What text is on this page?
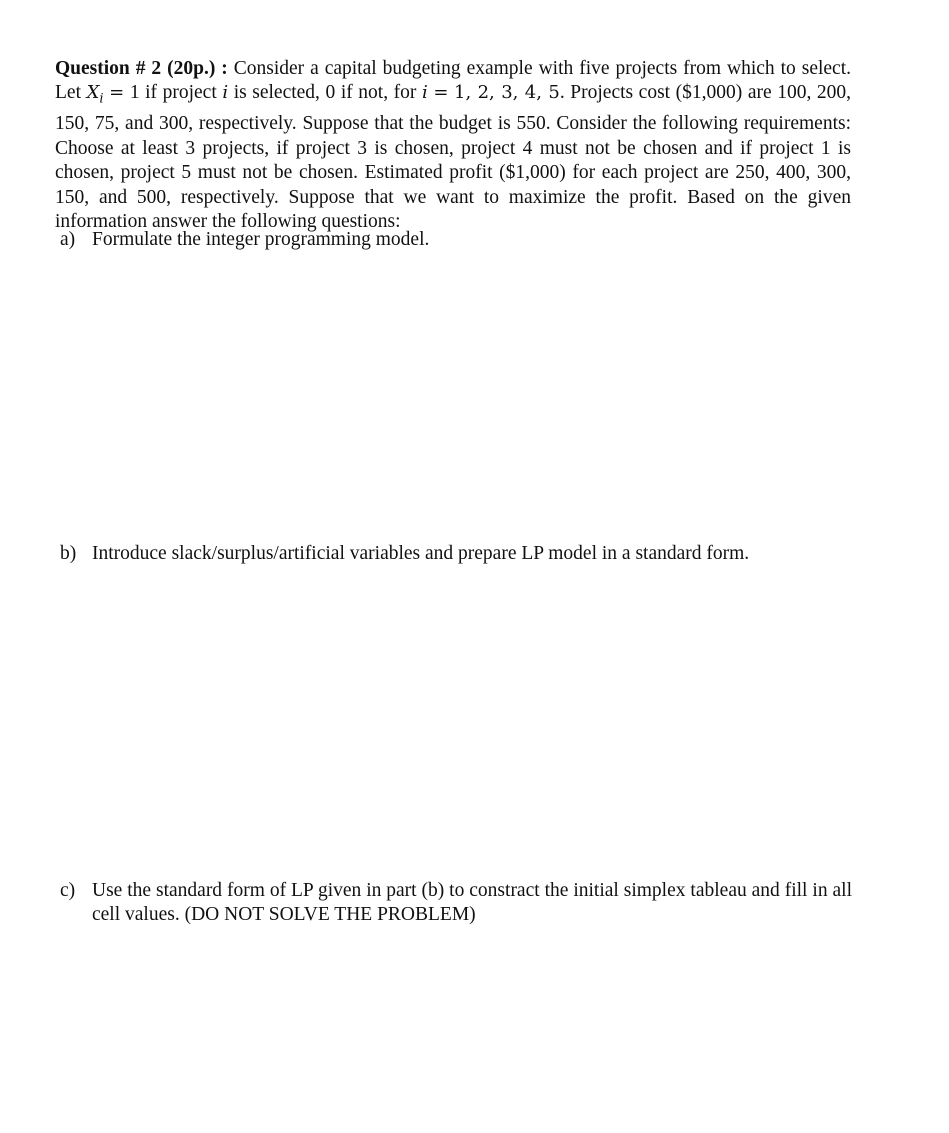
Question # 2 (20p.) : Consider a capital budgeting example with five projects from which to select. Let $X_i = 1$ if project i is selected, 0 if not, for i = 1, 2, 3, 4, 5. Projects cost ($1,000) are 100, 200, 150, 75, and 300, respectively. Suppose that the budget is 550. Consider the following requirements: Choose at least 3 projects, if project 3 is chosen, project 4 must not be chosen and if project 1 is chosen, project 5 must not be chosen. Estimated profit ($1,000) for each project are 250, 400, 300, 150, and 500, respectively. Suppose that we want to maximize the profit. Based on the given information answer the following questions:
a) Formulate the integer programming model.
b) Introduce slack/surplus/artificial variables and prepare LP model in a standard form.
c) Use the standard form of LP given in part (b) to constract the initial simplex tableau and fill in all cell values. (DO NOT SOLVE THE PROBLEM)
